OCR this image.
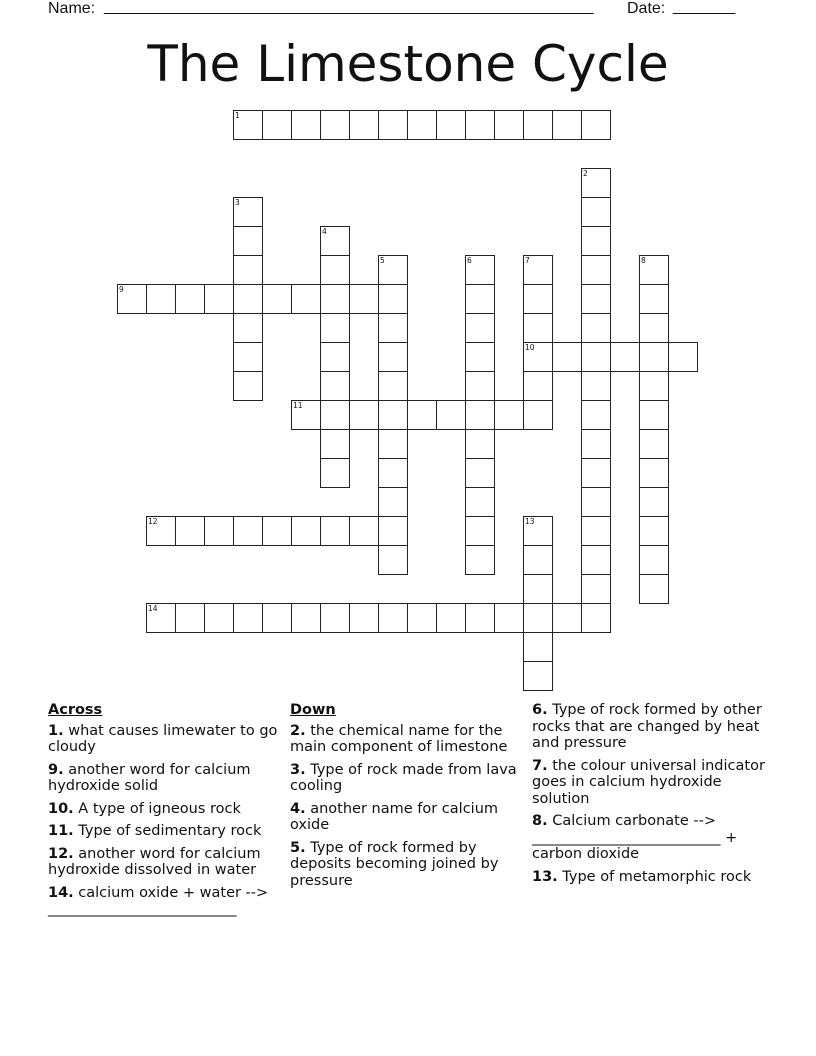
Name: _______________________________________________________ Date: _______
The Limestone Cycle
1
2
3
4
5	6	7	8
9
10
11
12	13
14
Across
1. what causes limewater to go cloudy
9. another word for calcium hydroxide solid
10. A type of igneous rock
11. Type of sedimentary rock
12. another word for calcium hydroxide dissolved in water
14. calcium oxide + water --> __________________________
Down
2. the chemical name for the main component of limestone
3. Type of rock made from lava cooling
4. another name for calcium oxide
5. Type of rock formed by deposits becoming joined by pressure
6. Type of rock formed by other rocks that are changed by heat and pressure
7. the colour universal indicator goes in calcium hydroxide solution
8. Calcium carbonate --> __________________________ + carbon dioxide
13. Type of metamorphic rock
